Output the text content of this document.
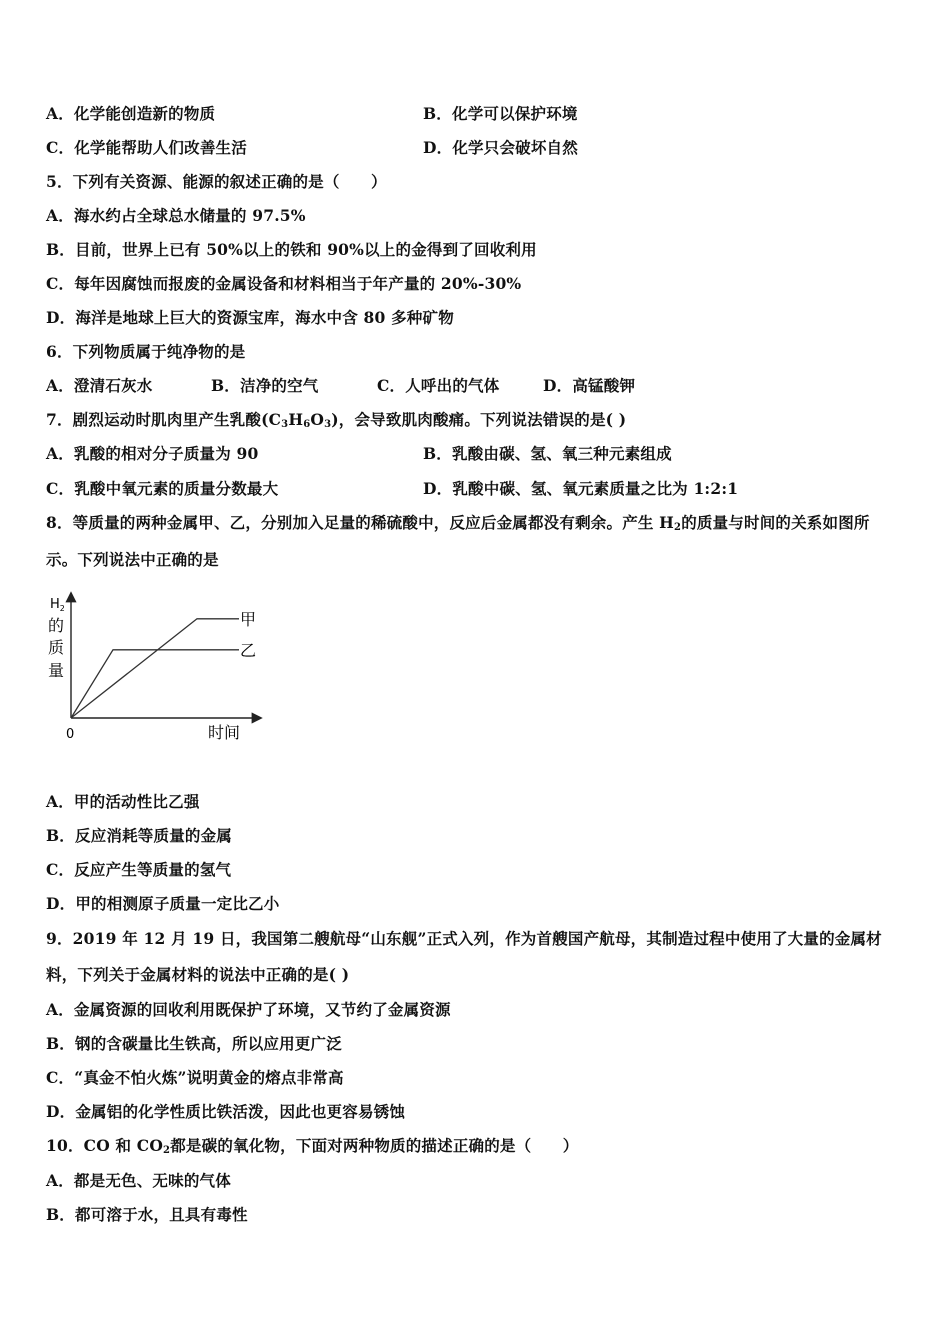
A．化学能创造新的物质	B．化学可以保护环境
C．化学能帮助人们改善生活	D．化学只会破坏自然
5．下列有关资源、能源的叙述正确的是（　　）
A．海水约占全球总水储量的 97.5%
B．目前，世界上已有 50%以上的铁和 90%以上的金得到了回收利用
C．每年因腐蚀而报废的金属设备和材料相当于年产量的 20%-30%
D．海洋是地球上巨大的资源宝库，海水中含 80 多种矿物
6．下列物质属于纯净物的是
A．澄清石灰水	B．洁净的空气	C．人呼出的气体	D．高锰酸钾
7．剧烈运动时肌肉里产生乳酸$(C_3H_6O_3)$，会导致肌肉酸痛。下列说法错误的是( )
A．乳酸的相对分子质量为 90	B．乳酸由碳、氢、氧三种元素组成
C．乳酸中氧元素的质量分数最大	D．乳酸中碳、氢、氧元素质量之比为 1:2:1
8．等质量的两种金属甲、乙，分别加入足量的稀硫酸中，反应后金属都没有剩余。产生 $H_2$的质量与时间的关系如图所
示。下列说法中正确的是
$H_2$
的
质
量
0	时间
甲
乙
A．甲的活动性比乙强
B．反应消耗等质量的金属
C．反应产生等质量的氢气
D．甲的相测原子质量一定比乙小
9．2019 年 12 月 19 日，我国第二艘航母“山东舰”正式入列，作为首艘国产航母，其制造过程中使用了大量的金属材
料，下列关于金属材料的说法中正确的是( )
A．金属资源的回收利用既保护了环境，又节约了金属资源
B．钢的含碳量比生铁高，所以应用更广泛
C．“真金不怕火炼”说明黄金的熔点非常高
D．金属铝的化学性质比铁活泼，因此也更容易锈蚀
10．CO 和 $CO_2$都是碳的氧化物，下面对两种物质的描述正确的是（　　）
A．都是无色、无味的气体
B．都可溶于水，且具有毒性
